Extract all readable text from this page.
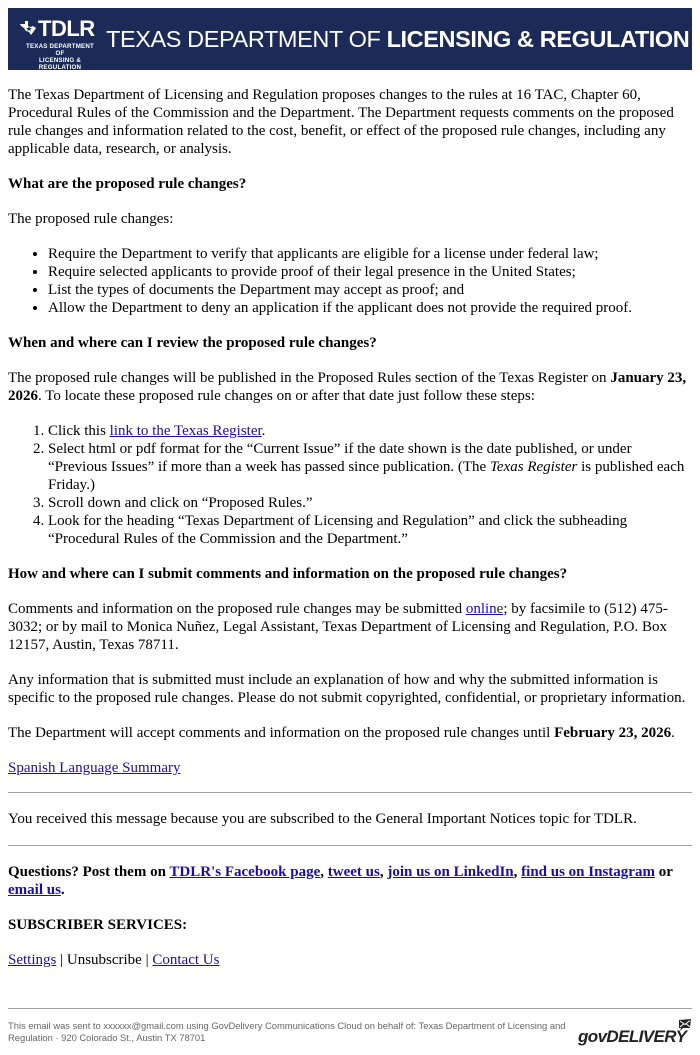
TDLR
TEXAS DEPARTMENT OF
LICENSING & REGULATION
TEXAS DEPARTMENT OF LICENSING & REGULATION

The Texas Department of Licensing and Regulation proposes changes to the rules at 16 TAC, Chapter 60, Procedural Rules of the Commission and the Department. The Department requests comments on the proposed rule changes and information related to the cost, benefit, or effect of the proposed rule changes, including any applicable data, research, or analysis.

What are the proposed rule changes?

The proposed rule changes:

• Require the Department to verify that applicants are eligible for a license under federal law;
• Require selected applicants to provide proof of their legal presence in the United States;
• List the types of documents the Department may accept as proof; and
• Allow the Department to deny an application if the applicant does not provide the required proof.
When and where can I review the proposed rule changes?

The proposed rule changes will be published in the Proposed Rules section of the Texas Register on January 23, 2026. To locate these proposed rule changes on or after that date just follow these steps:

1. Click this link to the Texas Register.
2. Select html or pdf format for the “Current Issue” if the date shown is the date published, or under “Previous Issues” if more than a week has passed since publication. (The Texas Register is published each Friday.)
3. Scroll down and click on “Proposed Rules.”
4. Look for the heading “Texas Department of Licensing and Regulation” and click the subheading “Procedural Rules of the Commission and the Department.”
How and where can I submit comments and information on the proposed rule changes?

Comments and information on the proposed rule changes may be submitted online; by facsimile to (512) 475-3032; or by mail to Monica Nuñez, Legal Assistant, Texas Department of Licensing and Regulation, P.O. Box 12157, Austin, Texas 78711.

Any information that is submitted must include an explanation of how and why the submitted information is specific to the proposed rule changes. Please do not submit copyrighted, confidential, or proprietary information.

The Department will accept comments and information on the proposed rule changes until February 23, 2026.

Spanish Language Summary

You received this message because you are subscribed to the General Important Notices topic for TDLR.

Questions? Post them on TDLR's Facebook page, tweet us, join us on LinkedIn, find us on Instagram or email us.

SUBSCRIBER SERVICES:

Settings | Unsubscribe | Contact Us

This email was sent to xxxxxx@gmail.com using GovDelivery Communications Cloud on behalf of: Texas Department of Licensing and Regulation · 920 Colorado St., Austin TX 78701	govDELIVERY
